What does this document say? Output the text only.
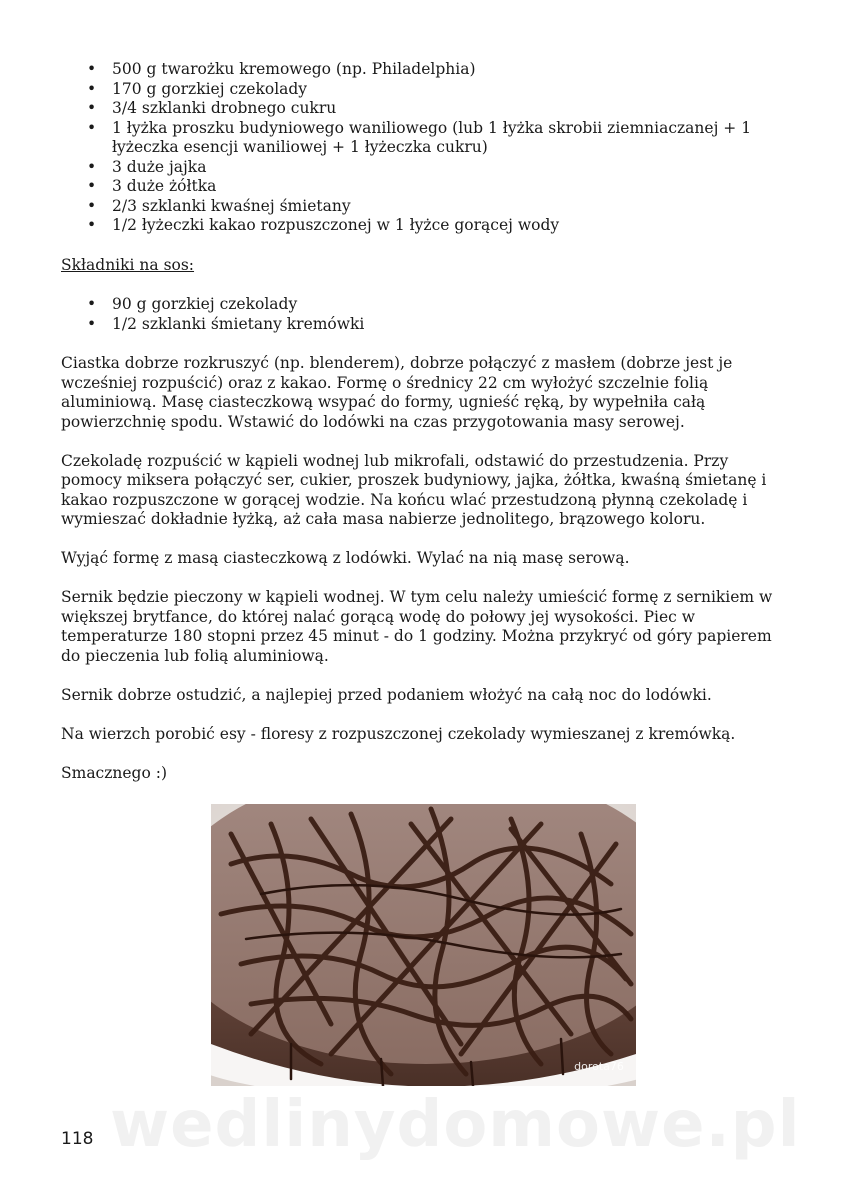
• 500 g twarożku kremowego (np. Philadelphia)
• 170 g gorzkiej czekolady
• 3/4 szklanki drobnego cukru
• 1 łyżka proszku budyniowego waniliowego (lub 1 łyżka skrobii ziemniaczanej + 1 łyżeczka esencji waniliowej + 1 łyżeczka cukru)
• 3 duże jajka
• 3 duże żółtka
• 2/3 szklanki kwaśnej śmietany
• 1/2 łyżeczki kakao rozpuszczonej w 1 łyżce gorącej wody
Składniki na sos:
• 90 g gorzkiej czekolady
• 1/2 szklanki śmietany kremówki

Ciastka dobrze rozkruszyć (np. blenderem), dobrze połączyć z masłem (dobrze jest je wcześniej rozpuścić) oraz z kakao. Formę o średnicy 22 cm wyłożyć szczelnie folią aluminiową. Masę ciasteczkową wsypać do formy, ugnieść ręką, by wypełniła całą powierzchnię spodu. Wstawić do lodówki na czas przygotowania masy serowej.

Czekoladę rozpuścić w kąpieli wodnej lub mikrofali, odstawić do przestudzenia. Przy pomocy miksera połączyć ser, cukier, proszek budyniowy, jajka, żółtka, kwaśną śmietanę i kakao rozpuszczone w gorącej wodzie. Na końcu wlać przestudzoną płynną czekoladę i wymieszać dokładnie łyżką, aż cała masa nabierze jednolitego, brązowego koloru.

Wyjąć formę z masą ciasteczkową z lodówki. Wylać na nią masę serową.

Sernik będzie pieczony w kąpieli wodnej. W tym celu należy umieścić formę z sernikiem w większej brytfance, do której nalać gorącą wodę do połowy jej wysokości. Piec w temperaturze 180 stopni przez 45 minut - do 1 godziny. Można przykryć od góry papierem do pieczenia lub folią aluminiową.

Sernik dobrze ostudzić, a najlepiej przed podaniem włożyć na całą noc do lodówki.

Na wierzch porobić esy - floresy z rozpuszczonej czekolady wymieszanej z kremówką.

Smacznego :)

dorota76
wedlinydomowe.pl
118
